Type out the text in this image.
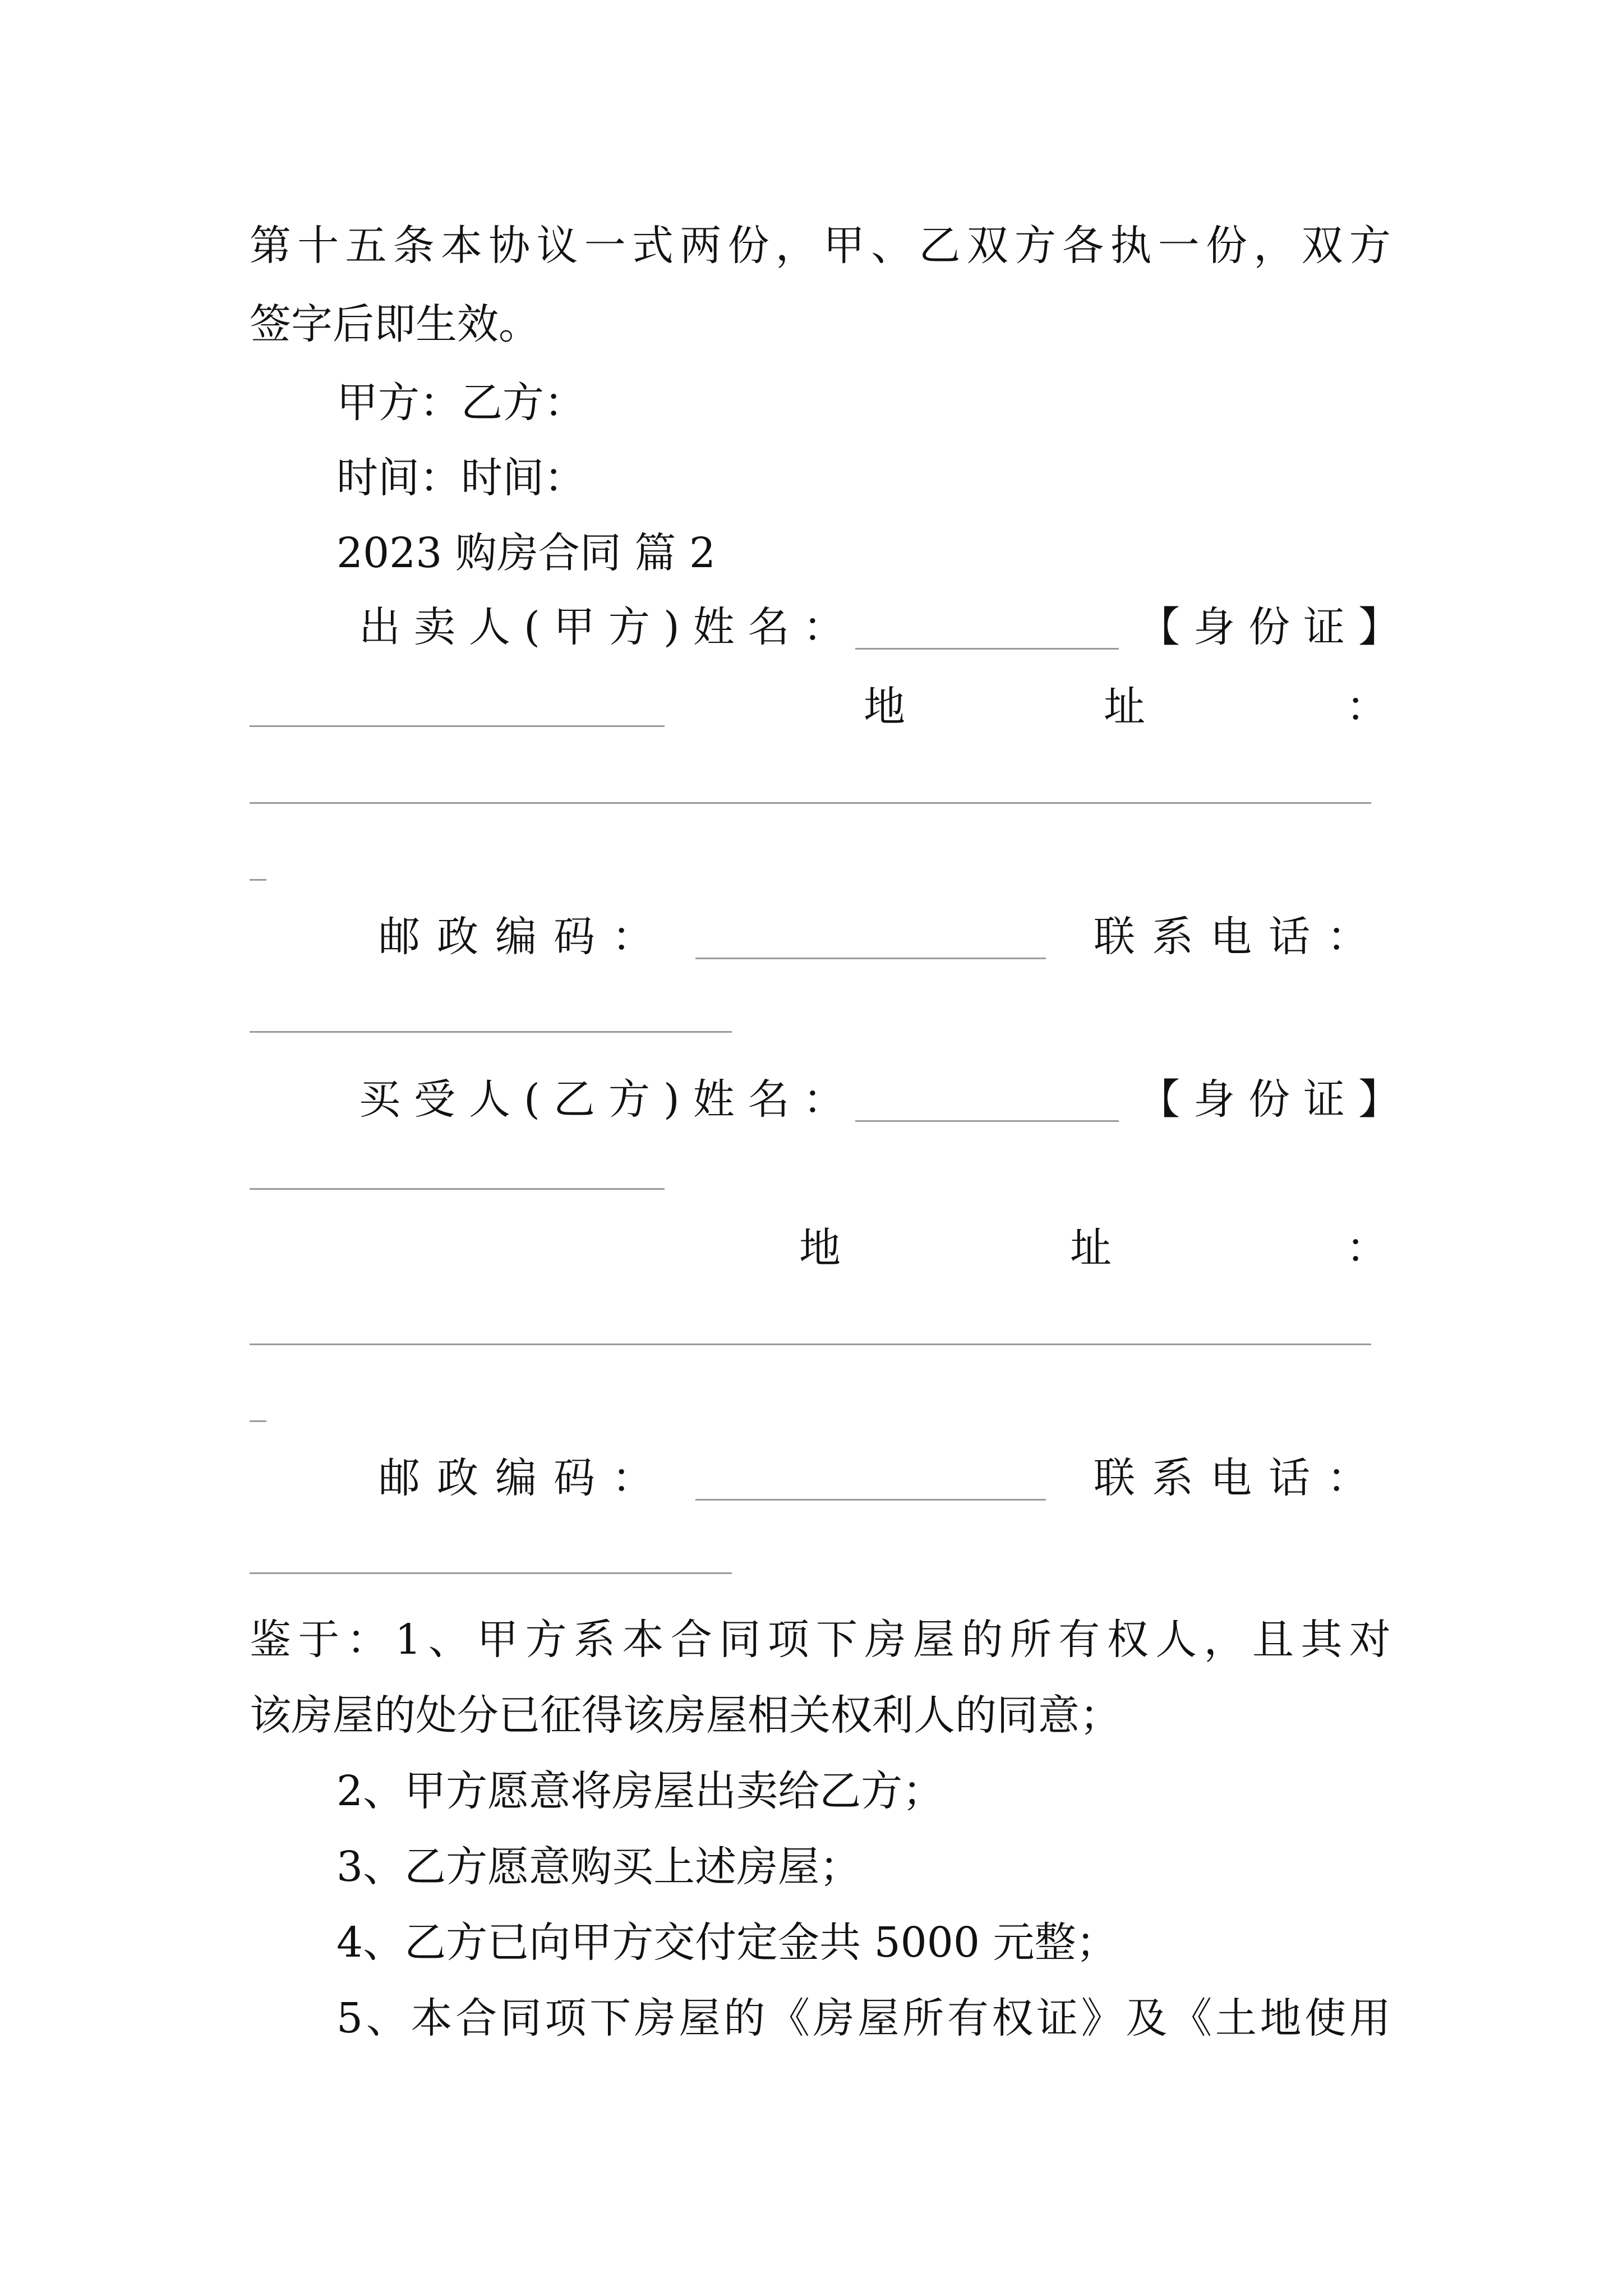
第 十 五 条 本 协 议 一 式 两 份 ， 甲 、 乙 双 方 各 执 一 份 ， 双 方
签字后即生效。
甲方：乙方：
时间：时间：
2023 购房合同 篇 2
出卖人(甲方)姓名：	【身份证】
地	址	：
邮政编码：	联系电话：
买受人(乙方)姓名：	【身份证】
地	址	：
邮政编码：	联系电话：
鉴 于 ： 1 、 甲 方 系 本 合 同 项 下 房 屋 的 所 有 权 人 ， 且 其 对
该房屋的处分已征得该房屋相关权利人的同意；
2、甲方愿意将房屋出卖给乙方；
3、乙方愿意购买上述房屋；
4、乙方已向甲方交付定金共 5000 元整；
5 、 本 合 同 项 下 房 屋 的 《 房 屋 所 有 权 证 》 及 《 土 地 使 用
